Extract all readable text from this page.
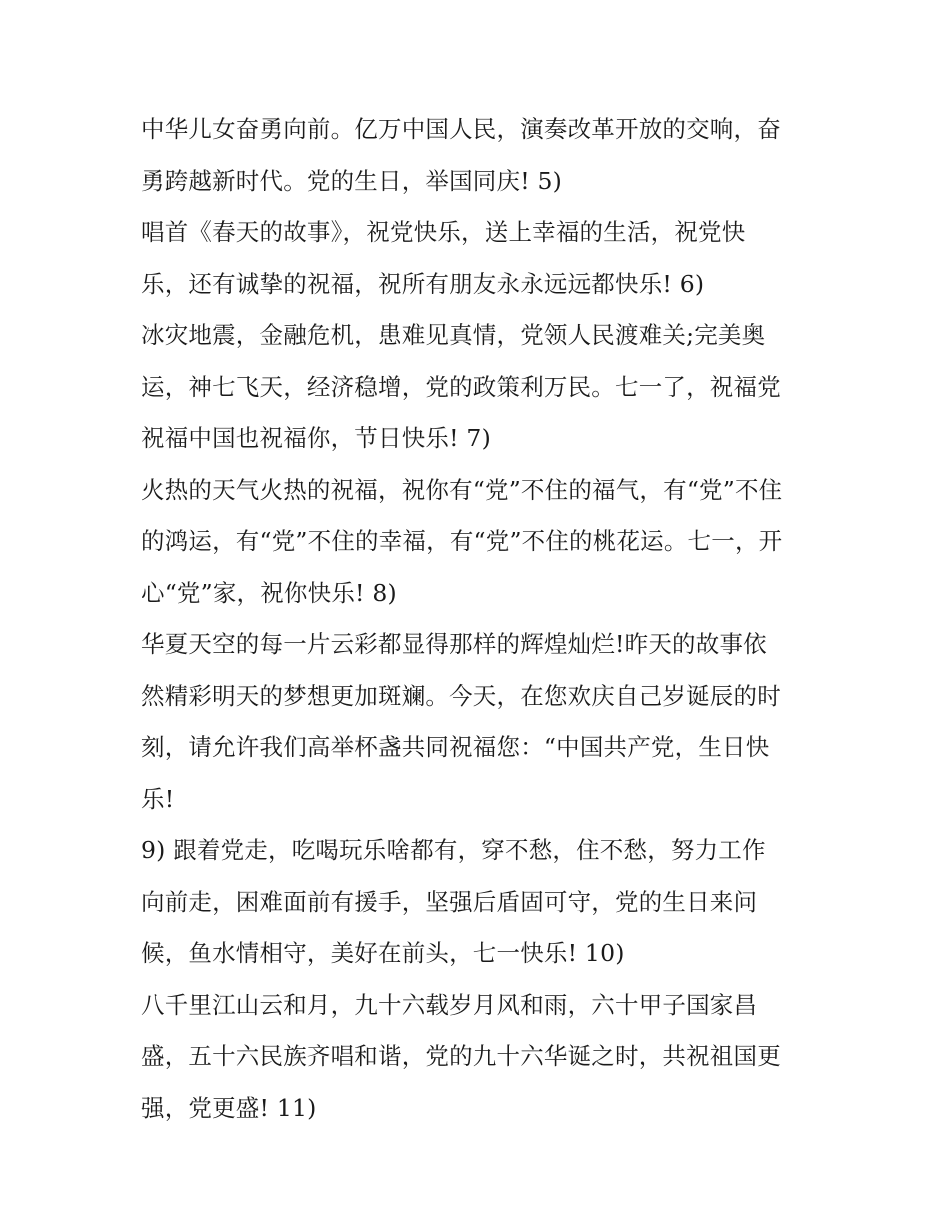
中华儿女奋勇向前。亿万中国人民，演奏改革开放的交响，奋
勇跨越新时代。党的生日，举国同庆! 5)
唱首《春天的故事》，祝党快乐，送上幸福的生活，祝党快
乐，还有诚挚的祝福，祝所有朋友永永远远都快乐! 6)
冰灾地震，金融危机，患难见真情，党领人民渡难关;完美奥
运，神七飞天，经济稳增，党的政策利万民。七一了，祝福党
祝福中国也祝福你，节日快乐! 7)
火热的天气火热的祝福，祝你有“党”不住的福气，有“党”不住
的鸿运，有“党”不住的幸福，有“党”不住的桃花运。七一，开
心“党”家，祝你快乐! 8)
华夏天空的每一片云彩都显得那样的辉煌灿烂!昨天的故事依
然精彩明天的梦想更加斑斓。今天，在您欢庆自己岁诞辰的时
刻，请允许我们高举杯盏共同祝福您：“中国共产党，生日快
乐!
9) 跟着党走，吃喝玩乐啥都有，穿不愁，住不愁，努力工作
向前走，困难面前有援手，坚强后盾固可守，党的生日来问
候，鱼水情相守，美好在前头，七一快乐! 10)
八千里江山云和月，九十六载岁月风和雨，六十甲子国家昌
盛，五十六民族齐唱和谐，党的九十六华诞之时，共祝祖国更
强，党更盛! 11)
